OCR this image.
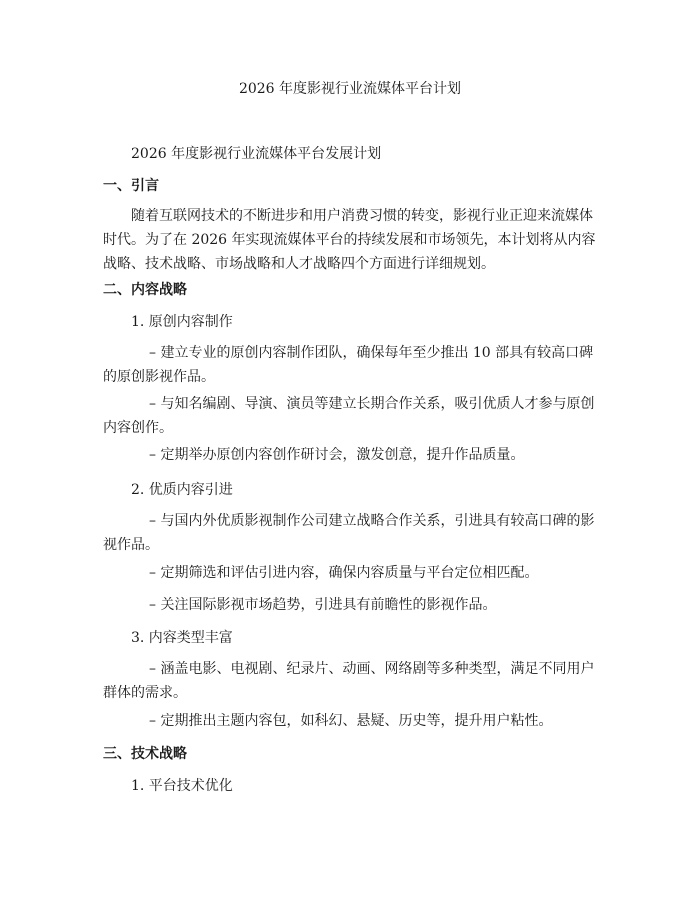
2026 年度影视行业流媒体平台计划
2026 年度影视行业流媒体平台发展计划
一、引言
随着互联网技术的不断进步和用户消费习惯的转变，影视行业正迎来流媒体时代。为了在 2026 年实现流媒体平台的持续发展和市场领先，本计划将从内容战略、技术战略、市场战略和人才战略四个方面进行详细规划。
二、内容战略
1. 原创内容制作
– 建立专业的原创内容制作团队，确保每年至少推出 10 部具有较高口碑的原创影视作品。
– 与知名编剧、导演、演员等建立长期合作关系，吸引优质人才参与原创内容创作。
– 定期举办原创内容创作研讨会，激发创意，提升作品质量。
2. 优质内容引进
– 与国内外优质影视制作公司建立战略合作关系，引进具有较高口碑的影视作品。
– 定期筛选和评估引进内容，确保内容质量与平台定位相匹配。
– 关注国际影视市场趋势，引进具有前瞻性的影视作品。
3. 内容类型丰富
– 涵盖电影、电视剧、纪录片、动画、网络剧等多种类型，满足不同用户群体的需求。
– 定期推出主题内容包，如科幻、悬疑、历史等，提升用户粘性。
三、技术战略
1. 平台技术优化
